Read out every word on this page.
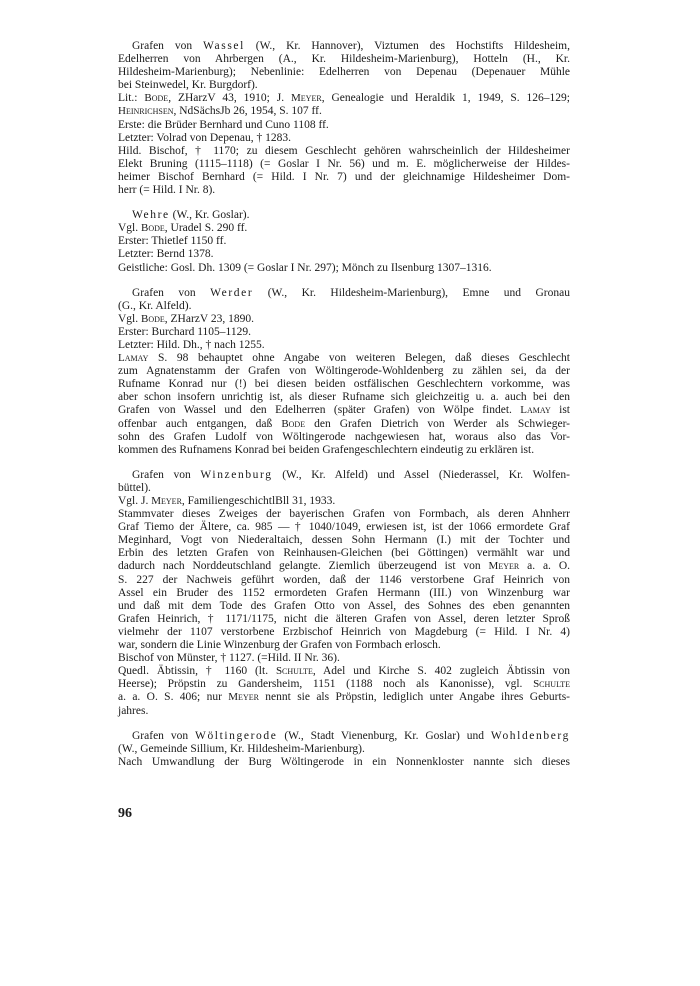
Grafen von Wassel (W., Kr. Hannover), Viztumen des Hochstifts Hildesheim,
Edelherren von Ahrbergen (A., Kr. Hildesheim-Marienburg), Hotteln (H., Kr.
Hildesheim-Marienburg); Nebenlinie: Edelherren von Depenau (Depenauer Mühle
bei Steinwedel, Kr. Burgdorf).
Lit.: Bode, ZHarzV 43, 1910; J. Meyer, Genealogie und Heraldik 1, 1949, S. 126–129;
Heinrichsen, NdSächsJb 26, 1954, S. 107 ff.
Erste: die Brüder Bernhard und Cuno 1108 ff.
Letzter: Volrad von Depenau, † 1283.
Hild. Bischof, † 1170; zu diesem Geschlecht gehören wahrscheinlich der Hildesheimer
Elekt Bruning (1115–1118) (= Goslar I Nr. 56) und m. E. möglicherweise der Hildes-
heimer Bischof Bernhard (= Hild. I Nr. 7) und der gleichnamige Hildesheimer Dom-
herr (= Hild. I Nr. 8).
Wehre (W., Kr. Goslar).
Vgl. Bode, Uradel S. 290 ff.
Erster: Thietlef 1150 ff.
Letzter: Bernd 1378.
Geistliche: Gosl. Dh. 1309 (= Goslar I Nr. 297); Mönch zu Ilsenburg 1307–1316.
Grafen von Werder (W., Kr. Hildesheim-Marienburg), Emne und Gronau
(G., Kr. Alfeld).
Vgl. Bode, ZHarzV 23, 1890.
Erster: Burchard 1105–1129.
Letzter: Hild. Dh., † nach 1255.
Lamay S. 98 behauptet ohne Angabe von weiteren Belegen, daß dieses Geschlecht
zum Agnatenstamm der Grafen von Wöltingerode-Wohldenberg zu zählen sei, da der
Rufname Konrad nur (!) bei diesen beiden ostfälischen Geschlechtern vorkomme, was
aber schon insofern unrichtig ist, als dieser Rufname sich gleichzeitig u. a. auch bei den
Grafen von Wassel und den Edelherren (später Grafen) von Wölpe findet. Lamay ist
offenbar auch entgangen, daß Bode den Grafen Dietrich von Werder als Schwieger-
sohn des Grafen Ludolf von Wöltingerode nachgewiesen hat, woraus also das Vor-
kommen des Rufnamens Konrad bei beiden Grafengeschlechtern eindeutig zu erklären ist.
Grafen von Winzenburg (W., Kr. Alfeld) und Assel (Niederassel, Kr. Wolfen-
büttel).
Vgl. J. Meyer, FamiliengeschichtlBll 31, 1933.
Stammvater dieses Zweiges der bayerischen Grafen von Formbach, als deren Ahnherr
Graf Tiemo der Ältere, ca. 985 — † 1040/1049, erwiesen ist, ist der 1066 ermordete Graf
Meginhard, Vogt von Niederaltaich, dessen Sohn Hermann (I.) mit der Tochter und
Erbin des letzten Grafen von Reinhausen-Gleichen (bei Göttingen) vermählt war und
dadurch nach Norddeutschland gelangte. Ziemlich überzeugend ist von Meyer a. a. O.
S. 227 der Nachweis geführt worden, daß der 1146 verstorbene Graf Heinrich von
Assel ein Bruder des 1152 ermordeten Grafen Hermann (III.) von Winzenburg war
und daß mit dem Tode des Grafen Otto von Assel, des Sohnes des eben genannten
Grafen Heinrich, † 1171/1175, nicht die älteren Grafen von Assel, deren letzter Sproß
vielmehr der 1107 verstorbene Erzbischof Heinrich von Magdeburg (= Hild. I Nr. 4)
war, sondern die Linie Winzenburg der Grafen von Formbach erlosch.
Bischof von Münster, † 1127. (=Hild. II Nr. 36).
Quedl. Äbtissin, † 1160 (lt. Schulte, Adel und Kirche S. 402 zugleich Äbtissin von
Heerse); Pröpstin zu Gandersheim, 1151 (1188 noch als Kanonisse), vgl. Schulte
a. a. O. S. 406; nur Meyer nennt sie als Pröpstin, lediglich unter Angabe ihres Geburts-
jahres.
Grafen von Wöltingerode (W., Stadt Vienenburg, Kr. Goslar) und Wohldenberg
(W., Gemeinde Sillium, Kr. Hildesheim-Marienburg).
Nach Umwandlung der Burg Wöltingerode in ein Nonnenkloster nannte sich dieses
96
